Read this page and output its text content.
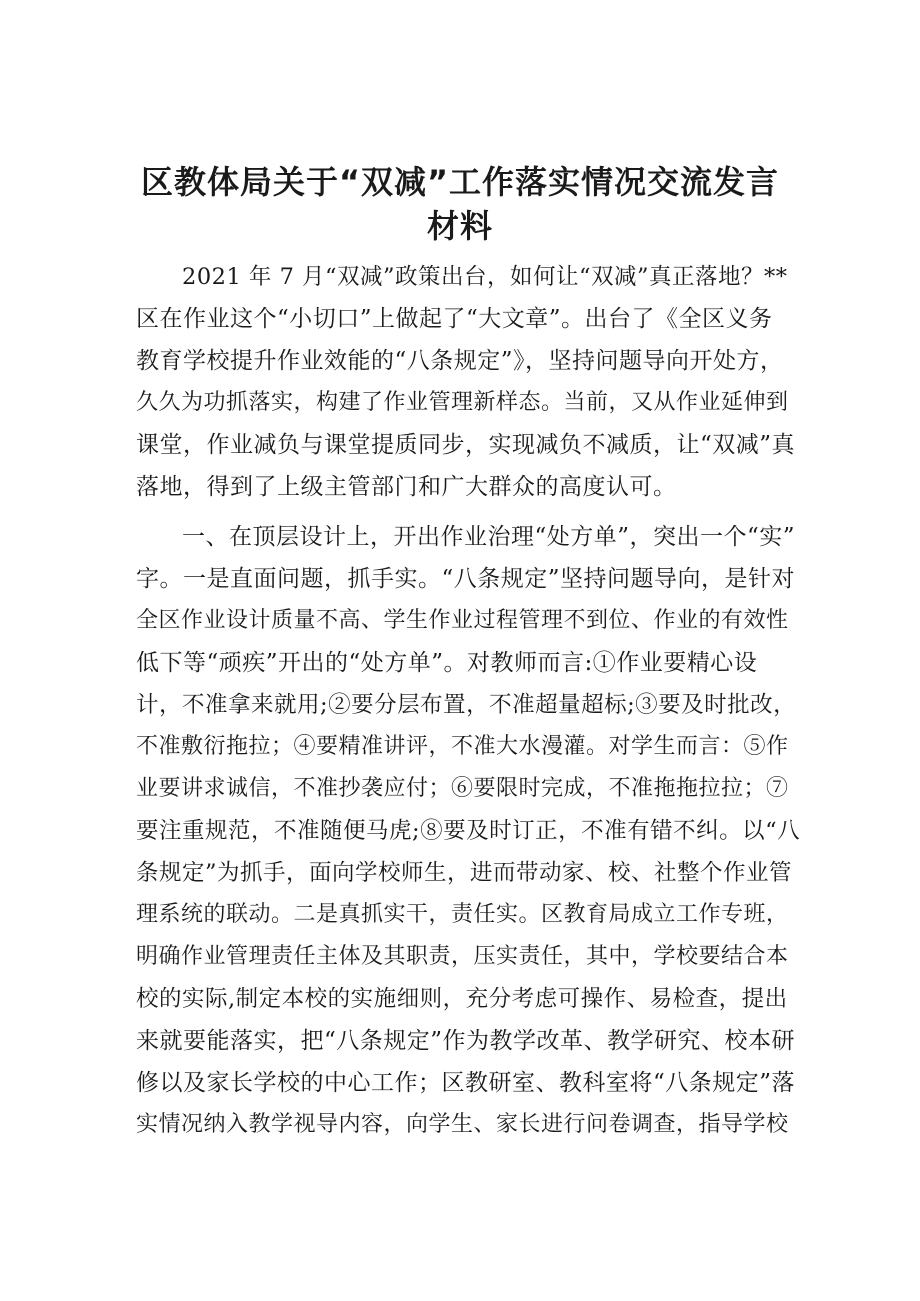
区教体局关于“双减”工作落实情况交流发言
材料

2021 年 7 月“双减”政策出台，如何让“双减”真正落地？**

区在作业这个“小切口”上做起了“大文章”。出台了《全区义务

教育学校提升作业效能的“八条规定”》，坚持问题导向开处方，

久久为功抓落实，构建了作业管理新样态。当前，又从作业延伸到

课堂，作业减负与课堂提质同步，实现减负不减质，让“双减”真

落地，得到了上级主管部门和广大群众的高度认可。

一、在顶层设计上，开出作业治理“处方单”，突出一个“实”

字。一是直面问题，抓手实。“八条规定”坚持问题导向，是针对

全区作业设计质量不高、学生作业过程管理不到位、作业的有效性

低下等“顽疾”开出的“处方单”。对教师而言:①作业要精心设

计，不准拿来就用;②要分层布置，不准超量超标;③要及时批改，

不准敷衍拖拉；④要精准讲评，不准大水漫灌。对学生而言：⑤作

业要讲求诚信，不准抄袭应付；⑥要限时完成，不准拖拖拉拉；⑦

要注重规范，不准随便马虎;⑧要及时订正，不准有错不纠。以“八

条规定”为抓手，面向学校师生，进而带动家、校、社整个作业管

理系统的联动。二是真抓实干，责任实。区教育局成立工作专班，

明确作业管理责任主体及其职责，压实责任，其中，学校要结合本

校的实际,制定本校的实施细则，充分考虑可操作、易检查，提出

来就要能落实，把“八条规定”作为教学改革、教学研究、校本研

修以及家长学校的中心工作；区教研室、教科室将“八条规定”落

实情况纳入教学视导内容，向学生、家长进行问卷调查，指导学校
